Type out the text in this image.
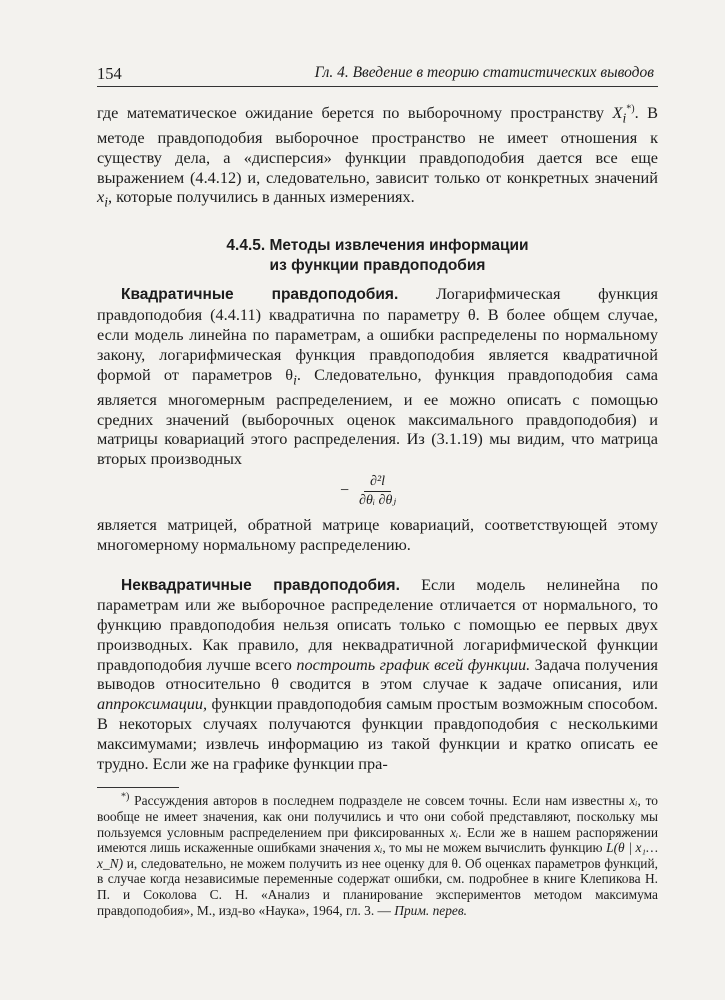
154	Гл. 4. Введение в теорию статистических выводов

где математическое ожидание берется по выборочному пространству $X_i^{*)}$. В методе правдоподобия выборочное пространство не имеет отношения к существу дела, а «дисперсия» функции правдоподобия дается все еще выражением (4.4.12) и, следовательно, зависит только от конкретных значений $x_i$, которые получились в данных измерениях.

4.4.5. Методы извлечения информации
из функции правдоподобия

Квадратичные правдоподобия. Логарифмическая функция правдоподобия (4.4.11) квадратична по параметру θ. В более общем случае, если модель линейна по параметрам, а ошибки распределены по нормальному закону, логарифмическая функция правдоподобия является квадратичной формой от параметров $\theta_i$. Следовательно, функция правдоподобия сама является многомерным распределением, и ее можно описать с помощью средних значений (выборочных оценок максимального правдоподобия) и матрицы ковариаций этого распределения. Из (3.1.19) мы видим, что матрица вторых производных

− $\frac{\text{∂²l}}{\text{∂θᵢ ∂θⱼ}}$

является матрицей, обратной матрице ковариаций, соответствующей этому многомерному нормальному распределению.

Неквадратичные правдоподобия. Если модель нелинейна по параметрам или же выборочное распределение отличается от нормального, то функцию правдоподобия нельзя описать только с помощью ее первых двух производных. Как правило, для неквадратичной логарифмической функции правдоподобия лучше всего построить график всей функции. Задача получения выводов относительно θ сводится в этом случае к задаче описания, или аппроксимации, функции правдоподобия самым простым возможным способом. В некоторых случаях получаются функции правдоподобия с несколькими максимумами; извлечь информацию из такой функции и кратко описать ее трудно. Если же на графике функции пра-

*) Рассуждения авторов в последнем подразделе не совсем точны. Если нам известны xᵢ, то вообще не имеет значения, как они получились и что они собой представляют, поскольку мы пользуемся условным распределением при фиксированных xᵢ. Если же в нашем распоряжении имеются лишь искаженные ошибками значения xᵢ, то мы не можем вычислить функцию L(θ | x₁… x_N) и, следовательно, не можем получить из нее оценку для θ. Об оценках параметров функций, в случае когда независимые переменные содержат ошибки, см. подробнее в книге Клепикова Н. П. и Соколова С. Н. «Анализ и планирование экспериментов методом максимума правдоподобия», М., изд-во «Наука», 1964, гл. 3. — Прим. перев.
